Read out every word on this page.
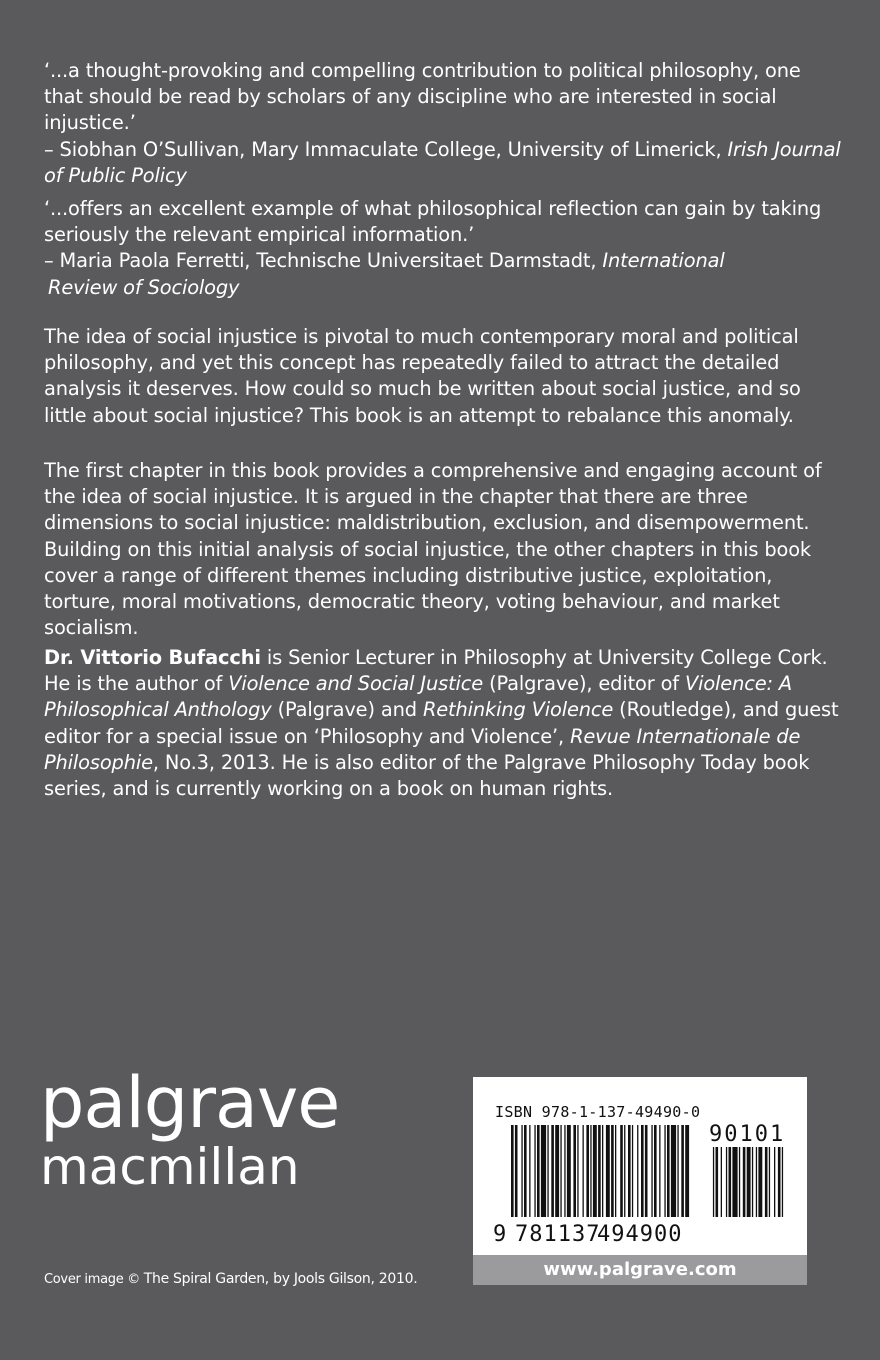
‘...a thought-provoking and compelling contribution to political philosophy, one that should be read by scholars of any discipline who are interested in social injustice.’
– Siobhan O’Sullivan, Mary Immaculate College, University of Limerick, Irish Journal of Public Policy

‘...offers an excellent example of what philosophical reflection can gain by taking seriously the relevant empirical information.’
– Maria Paola Ferretti, Technische Universitaet Darmstadt, International
Review of Sociology

The idea of social injustice is pivotal to much contemporary moral and political philosophy, and yet this concept has repeatedly failed to attract the detailed analysis it deserves. How could so much be written about social justice, and so little about social injustice? This book is an attempt to rebalance this anomaly.

The first chapter in this book provides a comprehensive and engaging account of the idea of social injustice. It is argued in the chapter that there are three dimensions to social injustice: maldistribution, exclusion, and disempowerment. Building on this initial analysis of social injustice, the other chapters in this book cover a range of different themes including distributive justice, exploitation, torture, moral motivations, democratic theory, voting behaviour, and market socialism.

Dr. Vittorio Bufacchi is Senior Lecturer in Philosophy at University College Cork. He is the author of Violence and Social Justice (Palgrave), editor of Violence: A Philosophical Anthology (Palgrave) and Rethinking Violence (Routledge), and guest editor for a special issue on ‘Philosophy and Violence’, Revue Internationale de Philosophie, No.3, 2013. He is also editor of the Palgrave Philosophy Today book series, and is currently working on a book on human rights.

palgrave
macmillan
Cover image © The Spiral Garden, by Jools Gilson, 2010.
ISBN 978-1-137-49490-0
90101
9 781137
494900
www.palgrave.com
